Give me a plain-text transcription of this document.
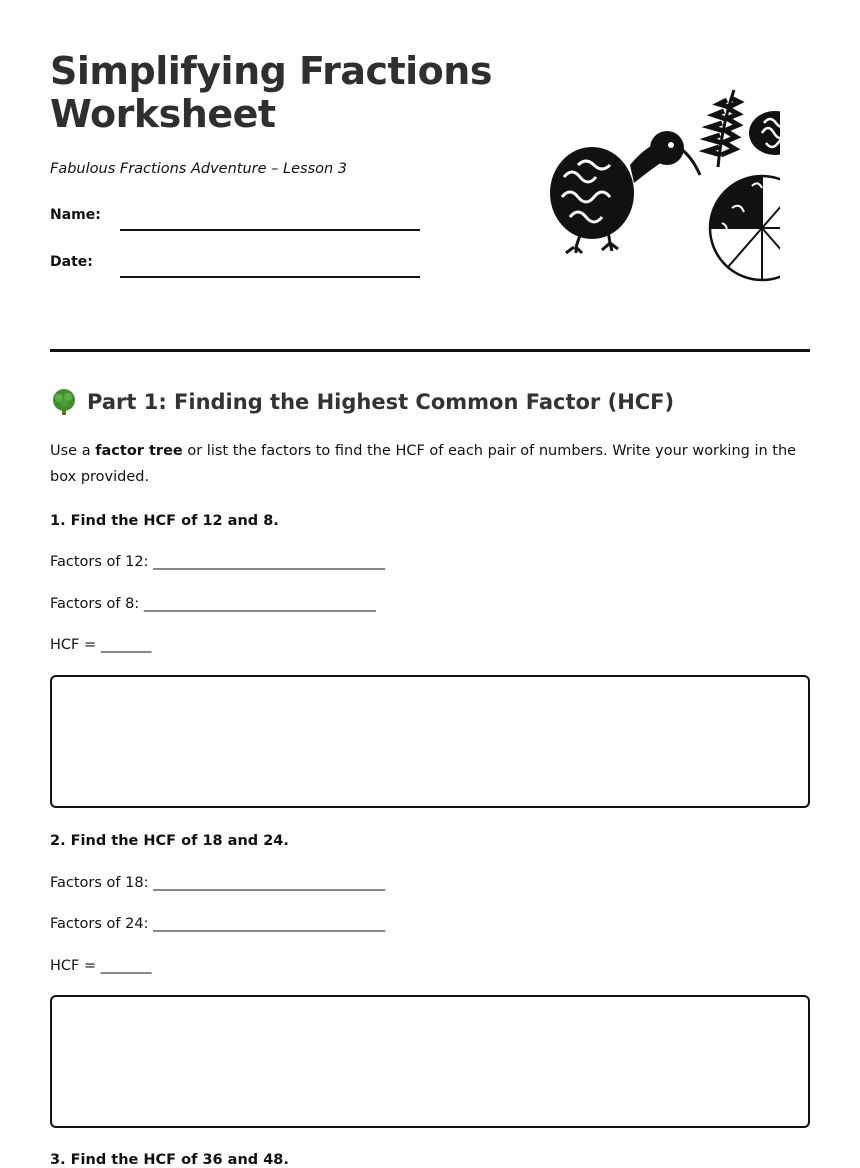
Simplifying Fractions
Worksheet

Fabulous Fractions Adventure – Lesson 3

Name:
Date:
Part 1: Finding the Highest Common Factor (HCF)

Use a factor tree or list the factors to find the HCF of each pair of numbers. Write your working in the box provided.

1. Find the HCF of 12 and 8.

Factors of 12: ________________________________

Factors of 8: ________________________________

HCF = _______

2. Find the HCF of 18 and 24.

Factors of 18: ________________________________

Factors of 24: ________________________________

HCF = _______

3. Find the HCF of 36 and 48.
